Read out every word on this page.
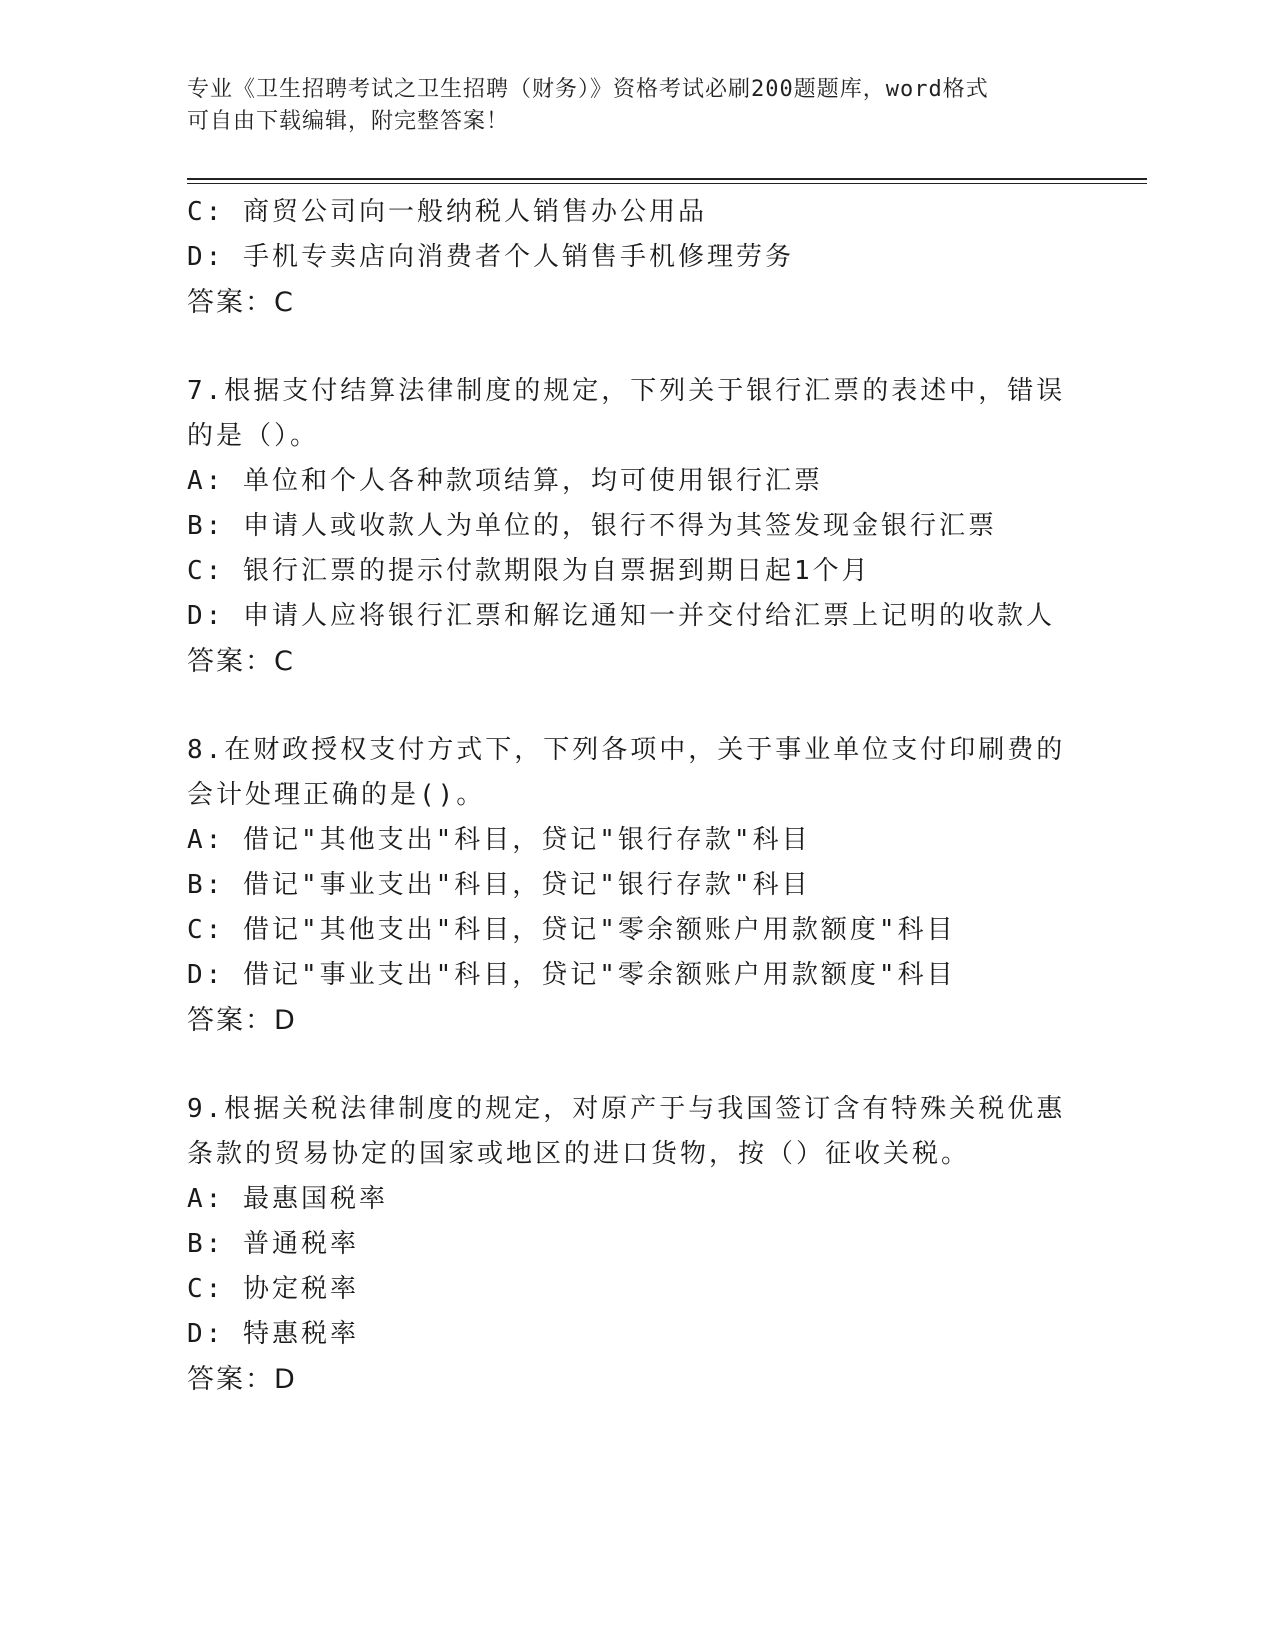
专业《卫生招聘考试之卫生招聘（财务）》资格考试必刷200题题库，word格式
可自由下载编辑，附完整答案！
C: 商贸公司向一般纳税人销售办公用品
D: 手机专卖店向消费者个人销售手机修理劳务
答案：C
7.根据支付结算法律制度的规定，下列关于银行汇票的表述中，错误
的是（）。
A: 单位和个人各种款项结算，均可使用银行汇票
B: 申请人或收款人为单位的，银行不得为其签发现金银行汇票
C: 银行汇票的提示付款期限为自票据到期日起1个月
D: 申请人应将银行汇票和解讫通知一并交付给汇票上记明的收款人
答案：C
8.在财政授权支付方式下，下列各项中，关于事业单位支付印刷费的
会计处理正确的是()。
A: 借记"其他支出"科目，贷记"银行存款"科目
B: 借记"事业支出"科目，贷记"银行存款"科目
C: 借记"其他支出"科目，贷记"零余额账户用款额度"科目
D: 借记"事业支出"科目，贷记"零余额账户用款额度"科目
答案：D
9.根据关税法律制度的规定，对原产于与我国签订含有特殊关税优惠
条款的贸易协定的国家或地区的进口货物，按（）征收关税。
A: 最惠国税率
B: 普通税率
C: 协定税率
D: 特惠税率
答案：D
